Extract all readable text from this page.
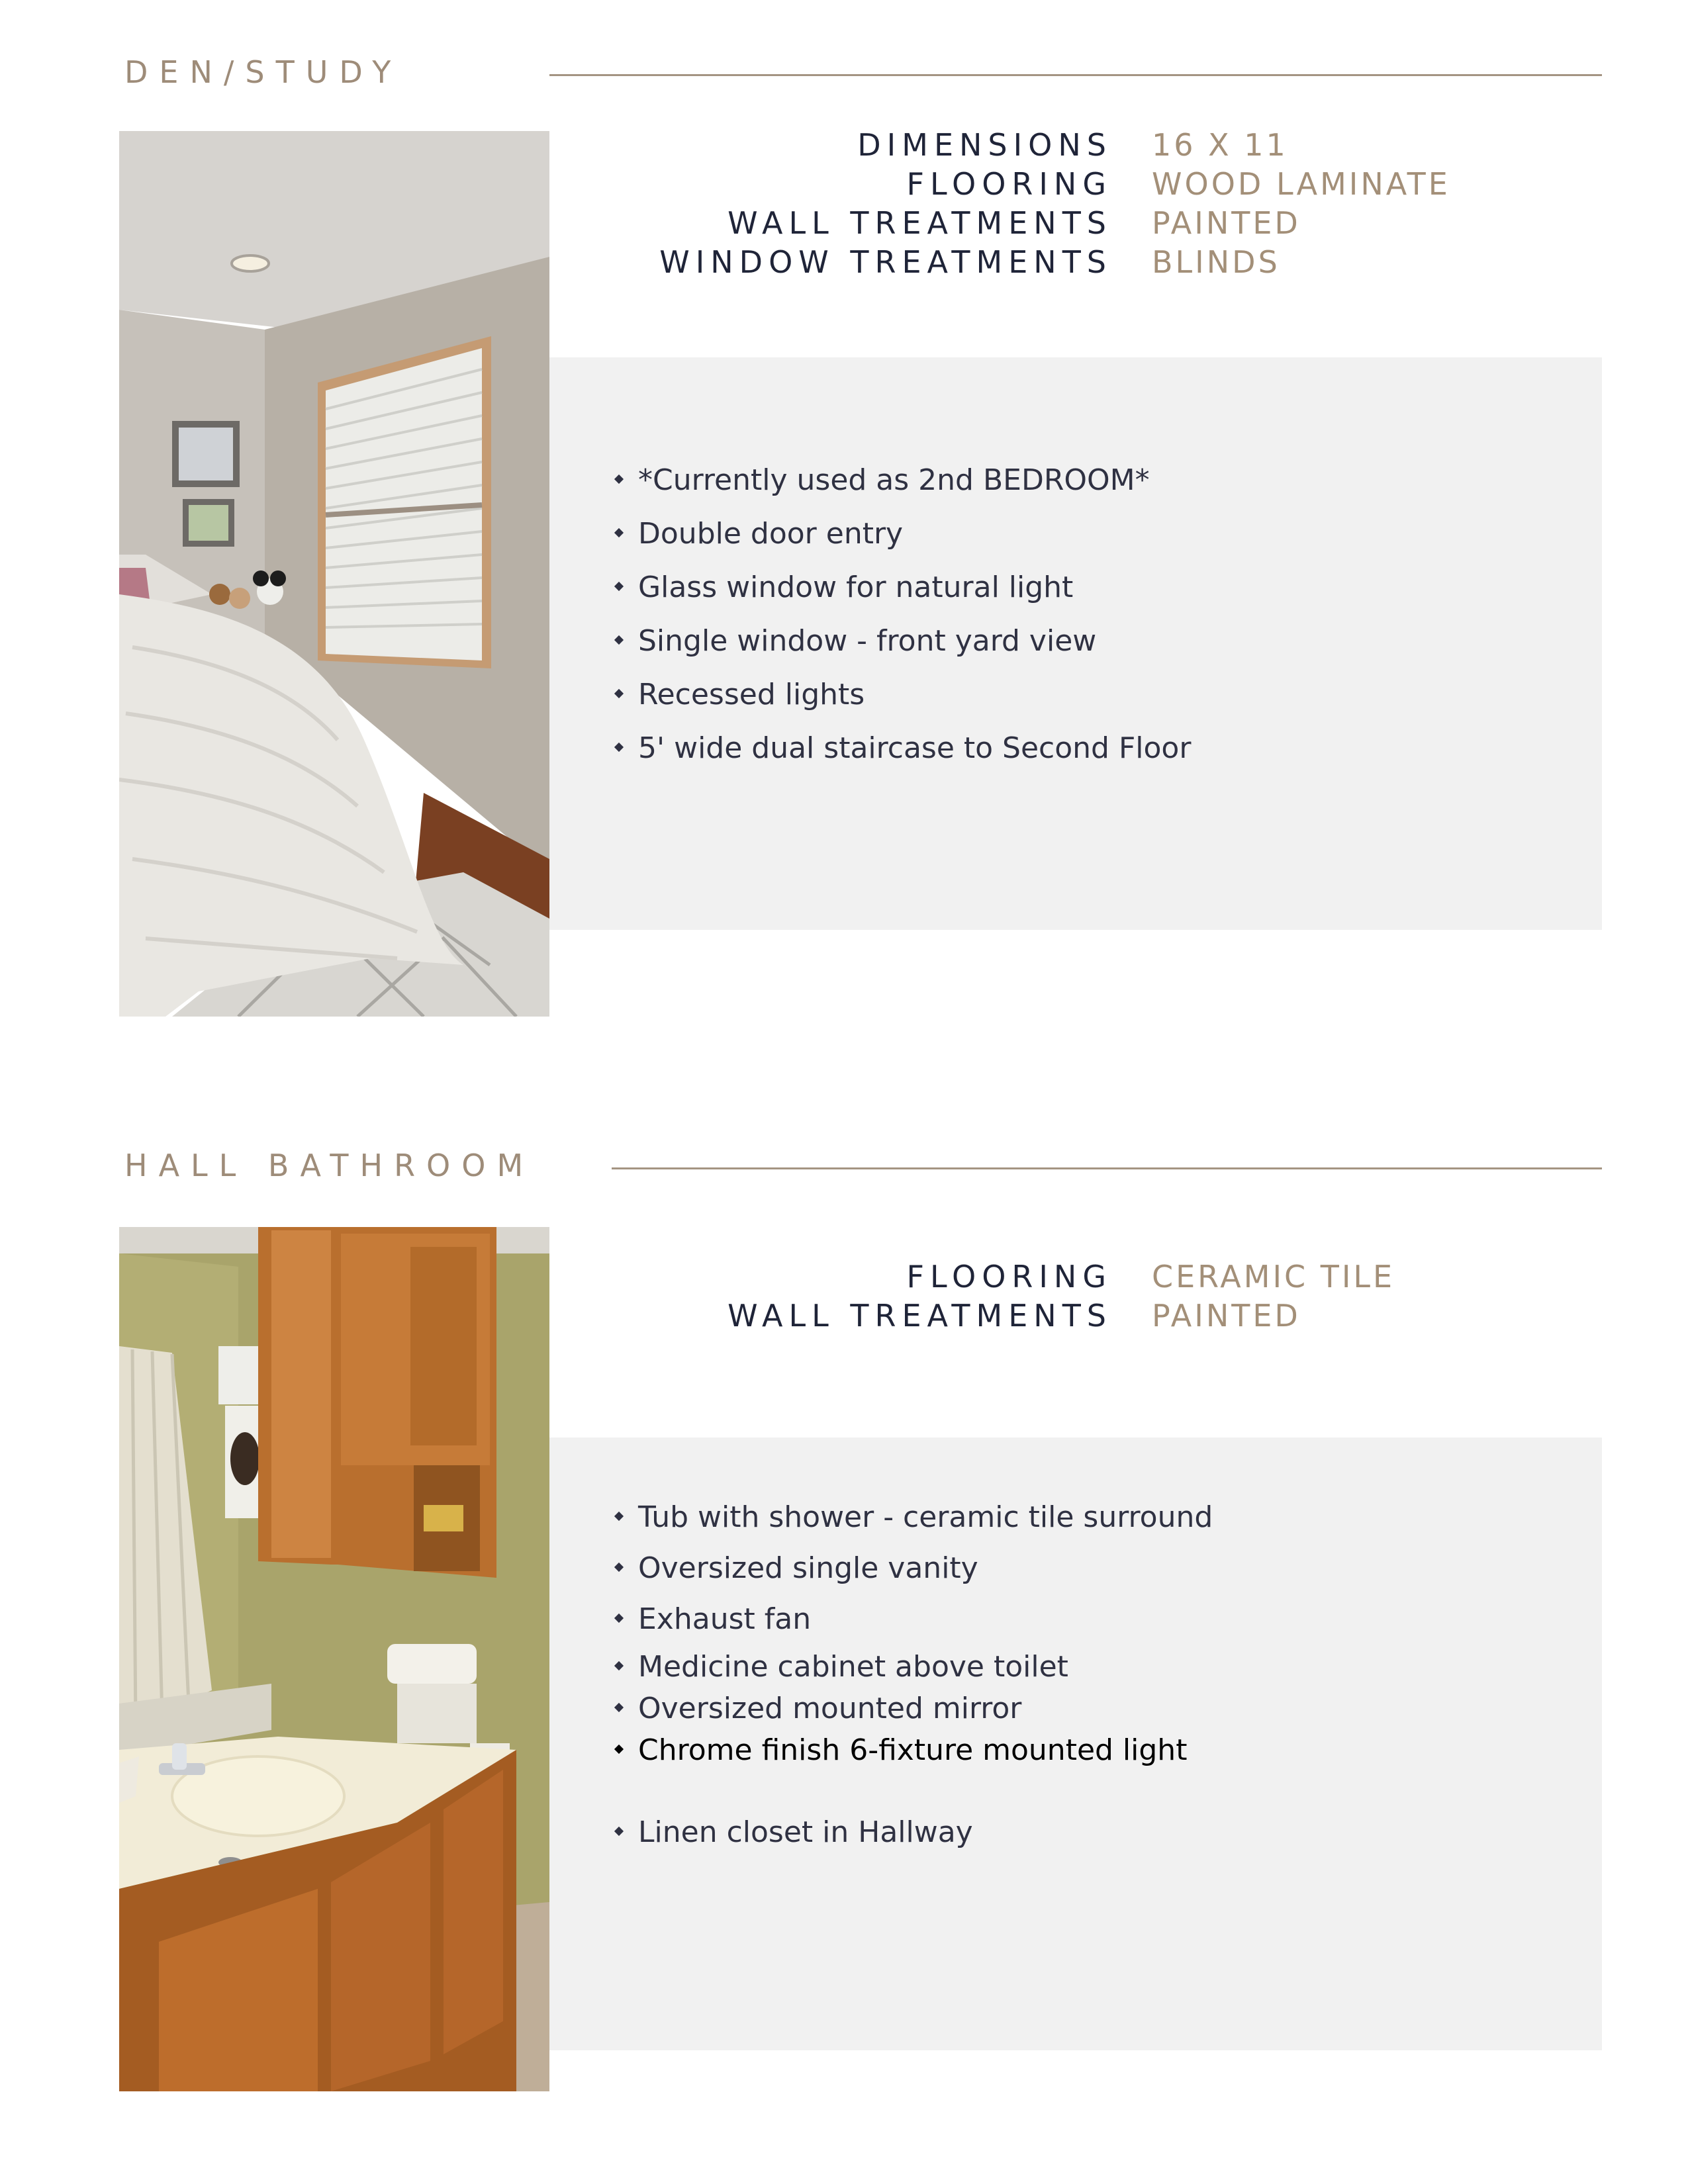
DEN/STUDY
DIMENSIONS 16 X 11
FLOORING WOOD LAMINATE
WALL TREATMENTS PAINTED
WINDOW TREATMENTS BLINDS
*Currently used as 2nd BEDROOM*
Double door entry
Glass window for natural light
Single window - front yard view
Recessed lights
5' wide dual staircase to Second Floor
HALL BATHROOM
FLOORING CERAMIC TILE
WALL TREATMENTS PAINTED
Tub with shower - ceramic tile surround
Oversized single vanity
Exhaust fan
Medicine cabinet above toilet
Oversized mounted mirror
Chrome finish 6-fixture mounted light
Linen closet in Hallway
